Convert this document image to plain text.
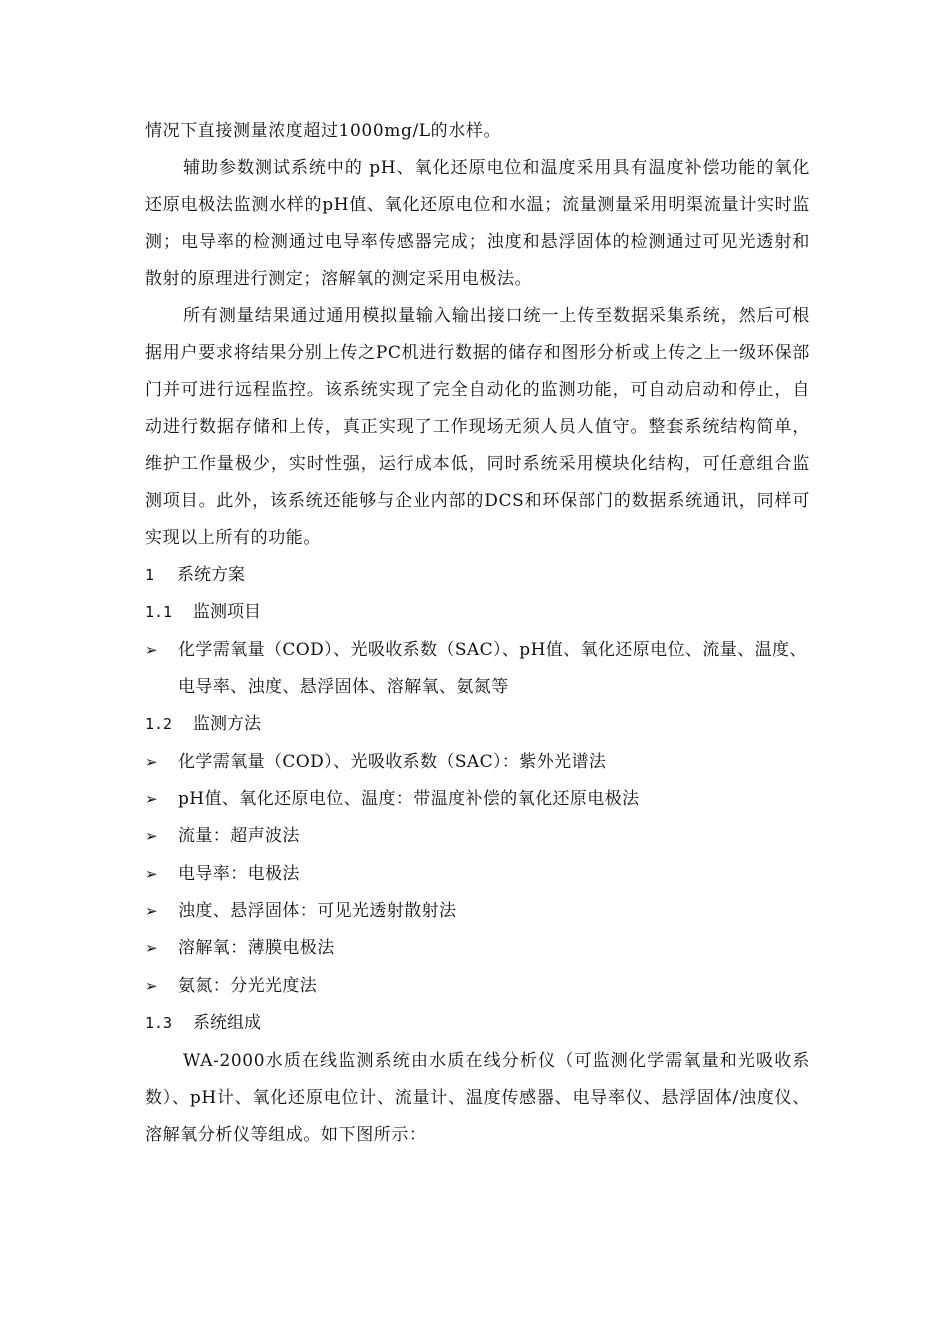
情况下直接测量浓度超过1000mg/L的水样。

辅助参数测试系统中的 pH、氧化还原电位和温度采用具有温度补偿功能的氧化还原电极法监测水样的pH值、氧化还原电位和水温；流量测量采用明渠流量计实时监测；电导率的检测通过电导率传感器完成；浊度和悬浮固体的检测通过可见光透射和散射的原理进行测定；溶解氧的测定采用电极法。

所有测量结果通过通用模拟量输入输出接口统一上传至数据采集系统，然后可根据用户要求将结果分别上传之PC机进行数据的储存和图形分析或上传之上一级环保部门并可进行远程监控。该系统实现了完全自动化的监测功能，可自动启动和停止，自动进行数据存储和上传，真正实现了工作现场无须人员人值守。整套系统结构简单，维护工作量极少，实时性强，运行成本低，同时系统采用模块化结构，可任意组合监测项目。此外，该系统还能够与企业内部的DCS和环保部门的数据系统通讯，同样可实现以上所有的功能。

1 系统方案
1.1 监测项目
➢	化学需氧量（COD）、光吸收系数（SAC）、pH值、氧化还原电位、流量、温度、电导率、浊度、悬浮固体、溶解氧、氨氮等
1.2 监测方法
➢	化学需氧量（COD）、光吸收系数（SAC）：紫外光谱法
➢	pH值、氧化还原电位、温度：带温度补偿的氧化还原电极法
➢	流量：超声波法
➢	电导率：电极法
➢	浊度、悬浮固体：可见光透射散射法
➢	溶解氧：薄膜电极法
➢	氨氮：分光光度法
1.3 系统组成

WA-2000水质在线监测系统由水质在线分析仪（可监测化学需氧量和光吸收系数）、pH计、氧化还原电位计、流量计、温度传感器、电导率仪、悬浮固体/浊度仪、溶解氧分析仪等组成。如下图所示：
